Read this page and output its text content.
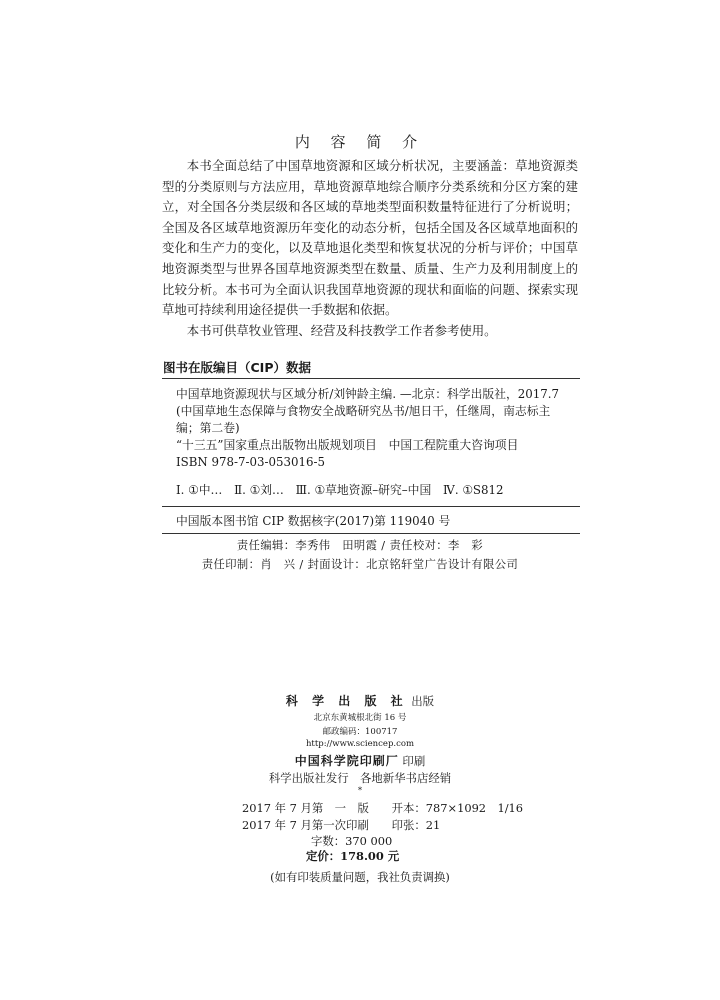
内 容 简 介

本书全面总结了中国草地资源和区域分析状况，主要涵盖：草地资源类型的分类原则与方法应用，草地资源草地综合顺序分类系统和分区方案的建立，对全国各分类层级和各区域的草地类型面积数量特征进行了分析说明；全国及各区域草地资源历年变化的动态分析，包括全国及各区域草地面积的变化和生产力的变化，以及草地退化类型和恢复状况的分析与评价；中国草地资源类型与世界各国草地资源类型在数量、质量、生产力及利用制度上的比较分析。本书可为全面认识我国草地资源的现状和面临的问题、探索实现草地可持续利用途径提供一手数据和依据。

本书可供草牧业管理、经营及科技教学工作者参考使用。

图书在版编目（CIP）数据
中国草地资源现状与区域分析/刘钟龄主编. —北京：科学出版社，2017.7
(中国草地生态保障与食物安全战略研究丛书/旭日干，任继周，南志标主
编；第二卷)
“十三五”国家重点出版物出版规划项目　中国工程院重大咨询项目
ISBN 978-7-03-053016-5
Ⅰ. ①中…　Ⅱ. ①刘…　Ⅲ. ①草地资源–研究–中国　Ⅳ. ①S812
中国版本图书馆 CIP 数据核字(2017)第 119040 号
责任编辑：李秀伟　田明霞 / 责任校对：李　彩
责任印制：肖　兴 / 封面设计：北京铭轩堂广告设计有限公司
科 学 出 版 社 出版
北京东黄城根北街 16 号
邮政编码：100717
http://www.sciencep.com
中国科学院印刷厂 印刷
科学出版社发行　各地新华书店经销
*
2017 年 7 月第　一　版　　开本：787×1092　1/16
2017 年 7 月第一次印刷　　印张：21
字数：370 000
定价：178.00 元
(如有印装质量问题，我社负责调换)
